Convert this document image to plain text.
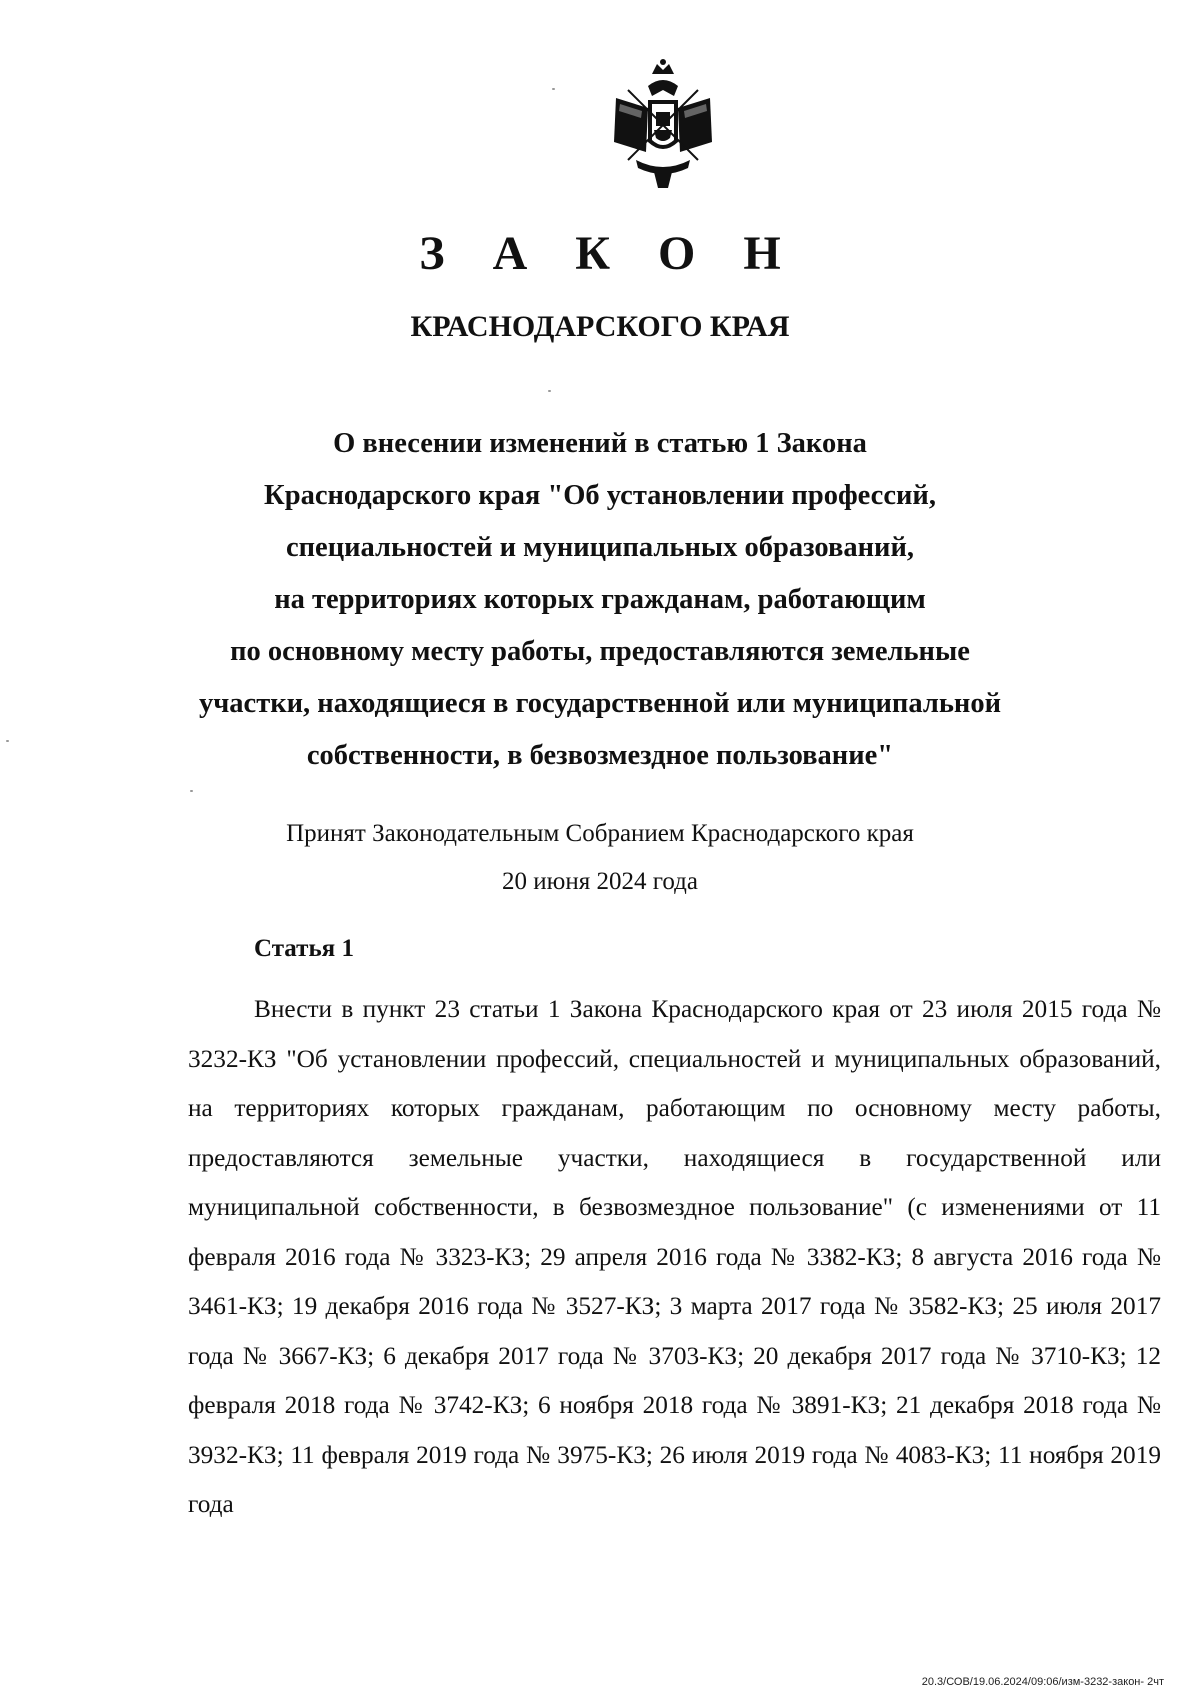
З А К О Н
КРАСНОДАРСКОГО КРАЯ
О внесении изменений в статью 1 Закона
Краснодарского края "Об установлении профессий,
специальностей и муниципальных образований,
на территориях которых гражданам, работающим
по основному месту работы, предоставляются земельные
участки, находящиеся в государственной или муниципальной
собственности, в безвозмездное пользование"
Принят Законодательным Собранием Краснодарского края
20 июня 2024 года
Статья 1
Внести в пункт 23 статьи 1 Закона Краснодарского края от 23 июля 2015 года № 3232-КЗ "Об установлении профессий, специальностей и муниципальных образований, на территориях которых гражданам, работающим по основному месту работы, предоставляются земельные участки, находящиеся в государственной или муниципальной собственности, в безвозмездное пользование" (с изменениями от 11 февраля 2016 года № 3323-КЗ; 29 апреля 2016 года № 3382-КЗ; 8 августа 2016 года № 3461-КЗ; 19 декабря 2016 года № 3527-КЗ; 3 марта 2017 года № 3582-КЗ; 25 июля 2017 года № 3667-КЗ; 6 декабря 2017 года № 3703-КЗ; 20 декабря 2017 года № 3710-КЗ; 12 февраля 2018 года № 3742-КЗ; 6 ноября 2018 года № 3891-КЗ; 21 декабря 2018 года № 3932-КЗ; 11 февраля 2019 года № 3975-КЗ; 26 июля 2019 года № 4083-КЗ; 11 ноября 2019 года
20.3/СОВ/19.06.2024/09:06/изм-3232-закон- 2чт
